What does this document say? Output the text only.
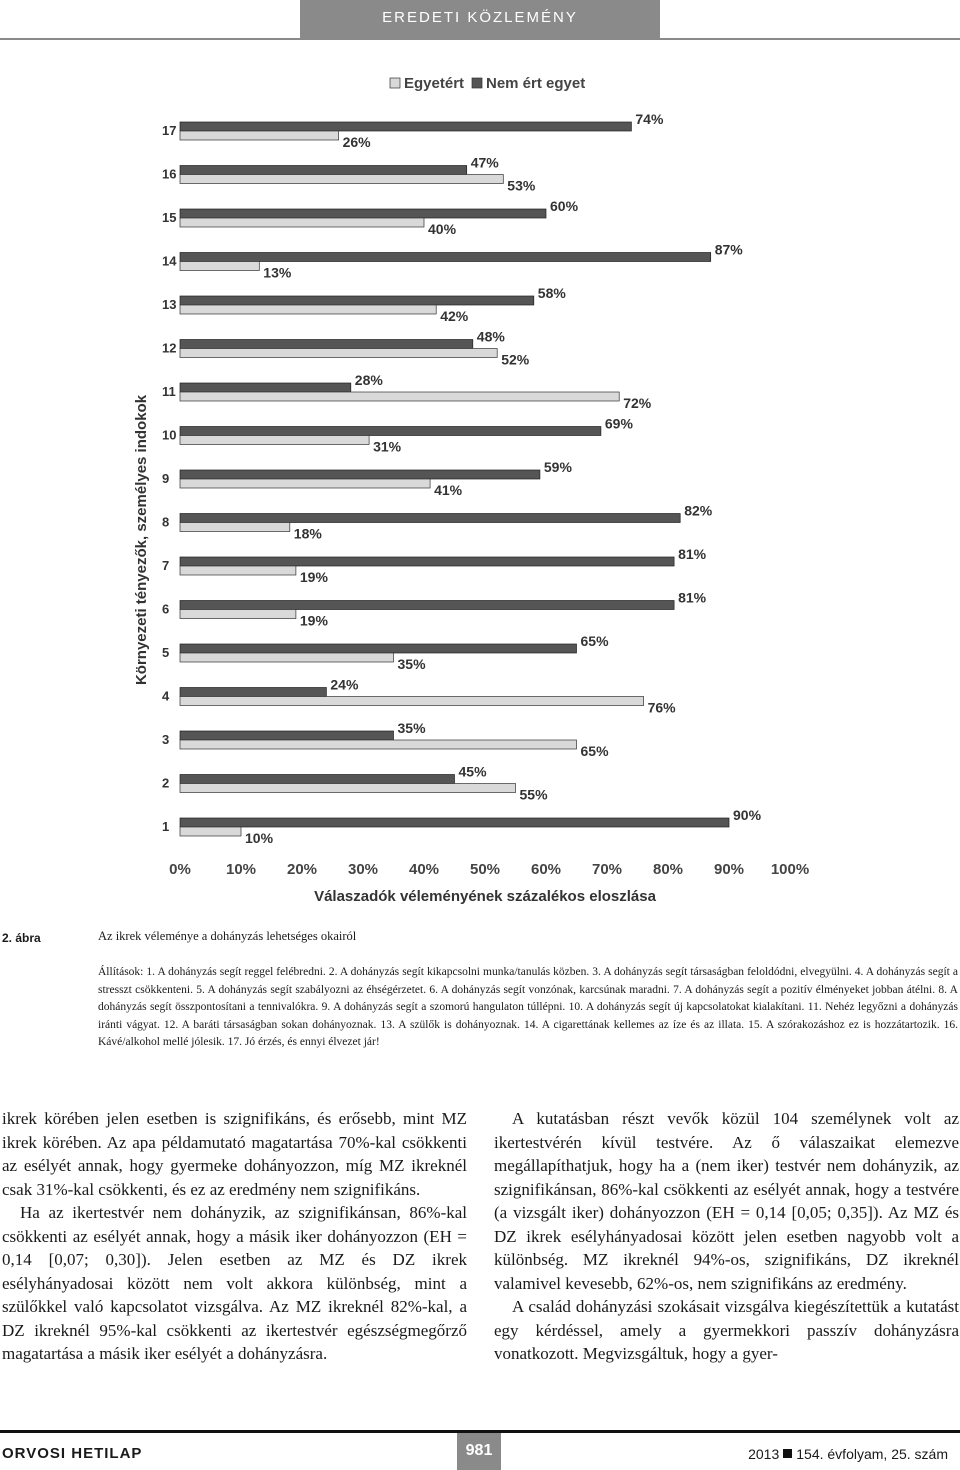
EREDETI KÖZLEMÉNY
Egyetért Nem ért egyet
Környezeti tényezők, személyes indokok
1
2
3
4
5
6
7
8
9
10
11
12
13
14
15
16
17
90%
10%
45%
55%
35%
65%
24%
76%
65%
35%
81%
19%
81%
19%
82%
18%
59%
41%
69%
31%
28%
72%
48%
52%
58%
42%
87%
13%
60%
40%
47%
53%
74%
26%
0% 10% 20% 30% 40% 50% 60% 70% 80% 90% 100%
Válaszadók véleményének százalékos eloszlása
2. ábra	Az ikrek véleménye a dohányzás lehetséges okairól
Állítások: 1. A dohányzás segít reggel felébredni. 2. A dohányzás segít kikapcsolni munka/tanulás közben. 3. A dohányzás segít társaságban feloldódni, elvegyülni. 4. A dohányzás segít a stresszt csökkenteni. 5. A dohányzás segít szabályozni az éhségérzetet. 6. A dohányzás segít vonzónak, karcsúnak maradni. 7. A dohányzás segít a pozitív élményeket jobban átélni. 8. A dohányzás segít összpontosítani a tennivalókra. 9. A dohányzás segít a szomorú hangulaton túllépni. 10. A dohányzás segít új kapcsolatokat kialakítani. 11. Nehéz legyőzni a dohányzás iránti vágyat. 12. A baráti társaságban sokan dohányoznak. 13. A szülők is dohányoznak. 14. A cigarettának kellemes az íze és az illata. 15. A szórakozáshoz ez is hozzátartozik. 16. Kávé/alkohol mellé jólesik. 17. Jó érzés, és ennyi élvezet jár!

ikrek körében jelen esetben is szignifikáns, és erősebb, mint MZ ikrek körében. Az apa példamutató magatartása 70%-kal csökkenti az esélyét annak, hogy gyermeke dohányozzon, míg MZ ikreknél csak 31%-kal csökkenti, és ez az eredmény nem szignifikáns.

Ha az ikertestvér nem dohányzik, az szignifikánsan, 86%-kal csökkenti az esélyét annak, hogy a másik iker dohányozzon (EH = 0,14 [0,07; 0,30]). Jelen esetben az MZ és DZ ikrek esélyhányadosai között nem volt akkora különbség, mint a szülőkkel való kapcsolatot vizsgálva. Az MZ ikreknél 82%-kal, a DZ ikreknél 95%-kal csökkenti az ikertestvér egészségmegőrző magatartása a másik iker esélyét a dohányzásra.

A kutatásban részt vevők közül 104 személynek volt az ikertestvérén kívül testvére. Az ő válaszaikat elemezve megállapíthatjuk, hogy ha a (nem iker) testvér nem dohányzik, az szignifikánsan, 86%-kal csökkenti az esélyét annak, hogy a testvére (a vizsgált iker) dohányozzon (EH = 0,14 [0,05; 0,35]). Az MZ és DZ ikrek esélyhányadosai között jelen esetben nagyobb volt a különbség. MZ ikreknél 94%-os, szignifikáns, DZ ikreknél valamivel kevesebb, 62%-os, nem szignifikáns az eredmény.

A család dohányzási szokásait vizsgálva kiegészítettük a kutatást egy kérdéssel, amely a gyermekkori passzív dohányzásra vonatkozott. Megvizsgáltuk, hogy a gyer-

ORVOSI HETILAP	981	2013 154. évfolyam, 25. szám
